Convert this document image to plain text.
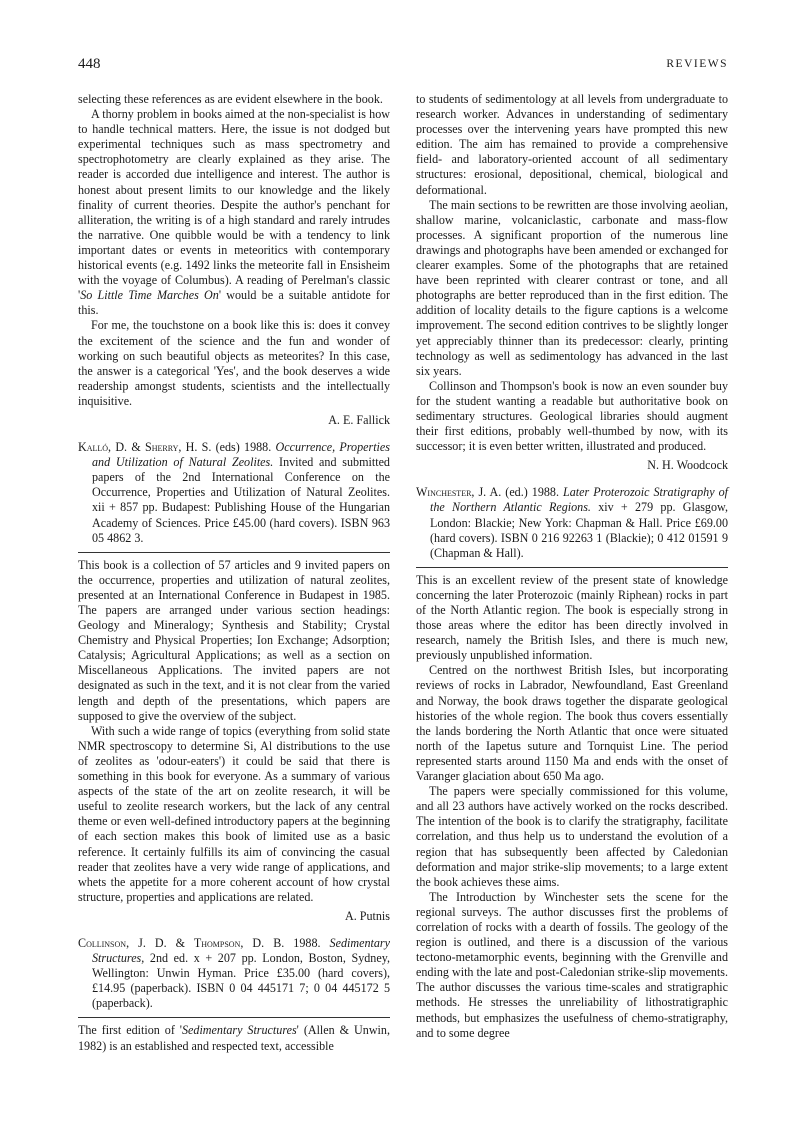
448	REVIEWS

selecting these references as are evident elsewhere in the book.

A thorny problem in books aimed at the non-specialist is how to handle technical matters. Here, the issue is not dodged but experimental techniques such as mass spectrometry and spectrophotometry are clearly explained as they arise. The reader is accorded due intelligence and interest. The author is honest about present limits to our knowledge and the likely finality of current theories. Despite the author's penchant for alliteration, the writing is of a high standard and rarely intrudes the narrative. One quibble would be with a tendency to link important dates or events in meteoritics with contemporary historical events (e.g. 1492 links the meteorite fall in Ensisheim with the voyage of Columbus). A reading of Perelman's classic 'So Little Time Marches On' would be a suitable antidote for this.

For me, the touchstone on a book like this is: does it convey the excitement of the science and the fun and wonder of working on such beautiful objects as meteorites? In this case, the answer is a categorical 'Yes', and the book deserves a wide readership amongst students, scientists and the intellectually inquisitive.

A. E. Fallick

Kalló, D. & Sherry, H. S. (eds) 1988. Occurrence, Properties and Utilization of Natural Zeolites. Invited and submitted papers of the 2nd International Conference on the Occurrence, Properties and Utilization of Natural Zeolites. xii + 857 pp. Budapest: Publishing House of the Hungarian Academy of Sciences. Price £45.00 (hard covers). ISBN 963 05 4862 3.

This book is a collection of 57 articles and 9 invited papers on the occurrence, properties and utilization of natural zeolites, presented at an International Conference in Budapest in 1985. The papers are arranged under various section headings: Geology and Mineralogy; Synthesis and Stability; Crystal Chemistry and Physical Properties; Ion Exchange; Adsorption; Catalysis; Agricultural Applications; as well as a section on Miscellaneous Applications. The invited papers are not designated as such in the text, and it is not clear from the varied length and depth of the presentations, which papers are supposed to give the overview of the subject.

With such a wide range of topics (everything from solid state NMR spectroscopy to determine Si, Al distributions to the use of zeolites as 'odour-eaters') it could be said that there is something in this book for everyone. As a summary of various aspects of the state of the art on zeolite research, it will be useful to zeolite research workers, but the lack of any central theme or even well-defined introductory papers at the beginning of each section makes this book of limited use as a basic reference. It certainly fulfills its aim of convincing the casual reader that zeolites have a very wide range of applications, and whets the appetite for a more coherent account of how crystal structure, properties and applications are related.

A. Putnis

Collinson, J. D. & Thompson, D. B. 1988. Sedimentary Structures, 2nd ed. x + 207 pp. London, Boston, Sydney, Wellington: Unwin Hyman. Price £35.00 (hard covers), £14.95 (paperback). ISBN 0 04 445171 7; 0 04 445172 5 (paperback).

The first edition of 'Sedimentary Structures' (Allen & Unwin, 1982) is an established and respected text, accessible

to students of sedimentology at all levels from undergraduate to research worker. Advances in understanding of sedimentary processes over the intervening years have prompted this new edition. The aim has remained to provide a comprehensive field- and laboratory-oriented account of all sedimentary structures: erosional, depositional, chemical, biological and deformational.

The main sections to be rewritten are those involving aeolian, shallow marine, volcaniclastic, carbonate and mass-flow processes. A significant proportion of the numerous line drawings and photographs have been amended or exchanged for clearer examples. Some of the photographs that are retained have been reprinted with clearer contrast or tone, and all photographs are better reproduced than in the first edition. The addition of locality details to the figure captions is a welcome improvement. The second edition contrives to be slightly longer yet appreciably thinner than its predecessor: clearly, printing technology as well as sedimentology has advanced in the last six years.

Collinson and Thompson's book is now an even sounder buy for the student wanting a readable but authoritative book on sedimentary structures. Geological libraries should augment their first editions, probably well-thumbed by now, with its successor; it is even better written, illustrated and produced.

N. H. Woodcock

Winchester, J. A. (ed.) 1988. Later Proterozoic Stratigraphy of the Northern Atlantic Regions. xiv + 279 pp. Glasgow, London: Blackie; New York: Chapman & Hall. Price £69.00 (hard covers). ISBN 0 216 92263 1 (Blackie); 0 412 01591 9 (Chapman & Hall).

This is an excellent review of the present state of knowledge concerning the later Proterozoic (mainly Riphean) rocks in part of the North Atlantic region. The book is especially strong in those areas where the editor has been directly involved in research, namely the British Isles, and there is much new, previously unpublished information.

Centred on the northwest British Isles, but incorporating reviews of rocks in Labrador, Newfoundland, East Greenland and Norway, the book draws together the disparate geological histories of the whole region. The book thus covers essentially the lands bordering the North Atlantic that once were situated north of the Iapetus suture and Tornquist Line. The period represented starts around 1150 Ma and ends with the onset of Varanger glaciation about 650 Ma ago.

The papers were specially commissioned for this volume, and all 23 authors have actively worked on the rocks described. The intention of the book is to clarify the stratigraphy, facilitate correlation, and thus help us to understand the evolution of a region that has subsequently been affected by Caledonian deformation and major strike-slip movements; to a large extent the book achieves these aims.

The Introduction by Winchester sets the scene for the regional surveys. The author discusses first the problems of correlation of rocks with a dearth of fossils. The geology of the region is outlined, and there is a discussion of the various tectono-metamorphic events, beginning with the Grenville and ending with the late and post-Caledonian strike-slip movements. The author discusses the various time-scales and stratigraphic methods. He stresses the unreliability of lithostratigraphic methods, but emphasizes the usefulness of chemo-stratigraphy, and to some degree
